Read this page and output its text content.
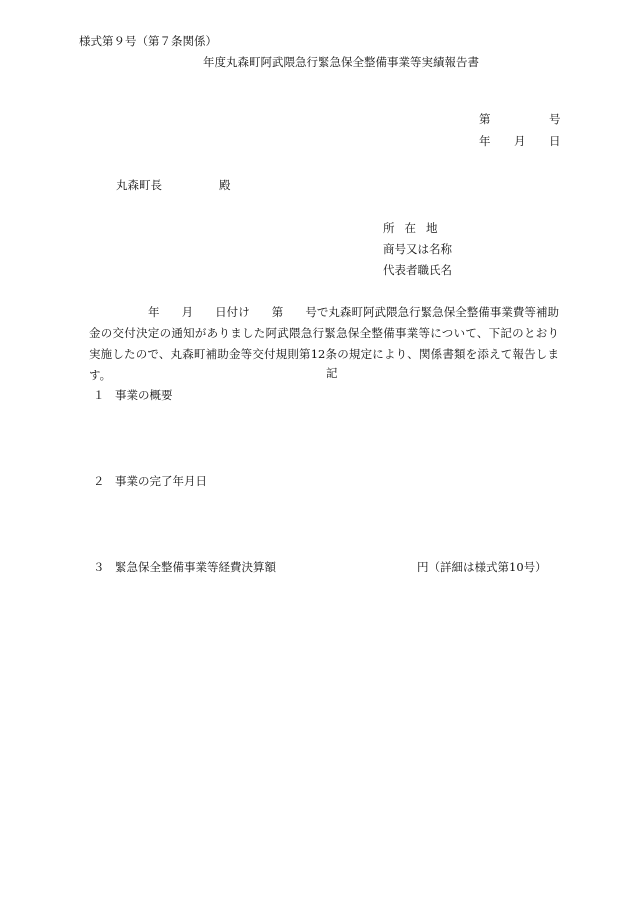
様式第９号（第７条関係）
年度丸森町阿武隈急行緊急保全整備事業等実績報告書
第	号
年 月 日
丸森町長	殿
所在地
商号又は名称
代表者職氏名
年 月 日付け 第 号で丸森町阿武隈急行緊急保全整備事業費等補助金の交付決定の通知がありました阿武隈急行緊急保全整備事業等について、下記のとおり実施したので、丸森町補助金等交付規則第12条の規定により、関係書類を添えて報告します。	記
１ 事業の概要
２ 事業の完了年月日
３ 緊急保全整備事業等経費決算額	円（詳細は様式第10号）
